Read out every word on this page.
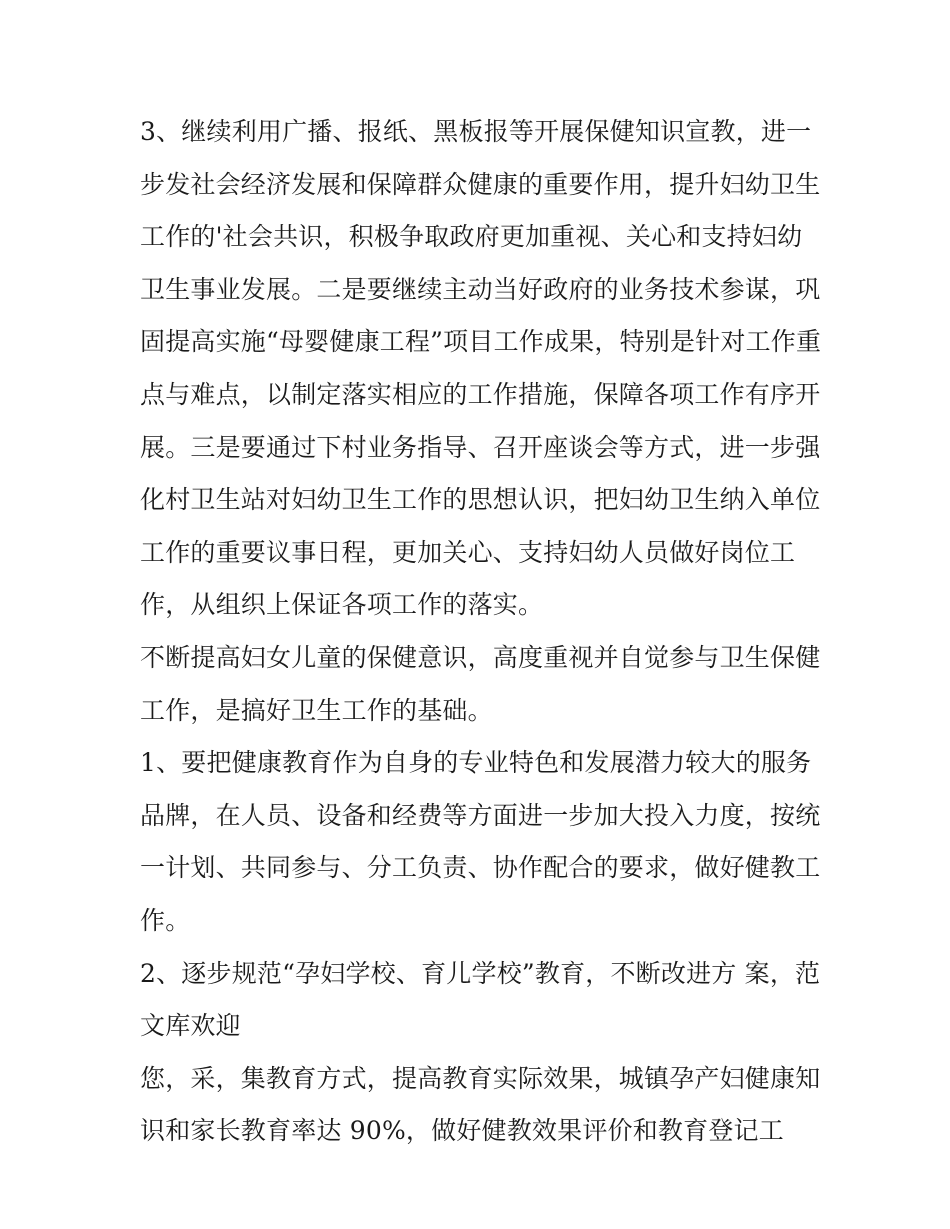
3、继续利用广播、报纸、黑板报等开展保健知识宣教，进一
步发社会经济发展和保障群众健康的重要作用，提升妇幼卫生
工作的'社会共识，积极争取政府更加重视、关心和支持妇幼
卫生事业发展。二是要继续主动当好政府的业务技术参谋，巩
固提高实施“母婴健康工程”项目工作成果，特别是针对工作重
点与难点，以制定落实相应的工作措施，保障各项工作有序开
展。三是要通过下村业务指导、召开座谈会等方式，进一步强
化村卫生站对妇幼卫生工作的思想认识，把妇幼卫生纳入单位
工作的重要议事日程，更加关心、支持妇幼人员做好岗位工
作，从组织上保证各项工作的落实。
不断提高妇女儿童的保健意识，高度重视并自觉参与卫生保健
工作，是搞好卫生工作的基础。
1、要把健康教育作为自身的专业特色和发展潜力较大的服务
品牌，在人员、设备和经费等方面进一步加大投入力度，按统
一计划、共同参与、分工负责、协作配合的要求，做好健教工
作。
2、逐步规范“孕妇学校、育儿学校”教育，不断改进方 案，范
文库欢迎
您，采，集教育方式，提高教育实际效果，城镇孕产妇健康知
识和家长教育率达 90%，做好健教效果评价和教育登记工
